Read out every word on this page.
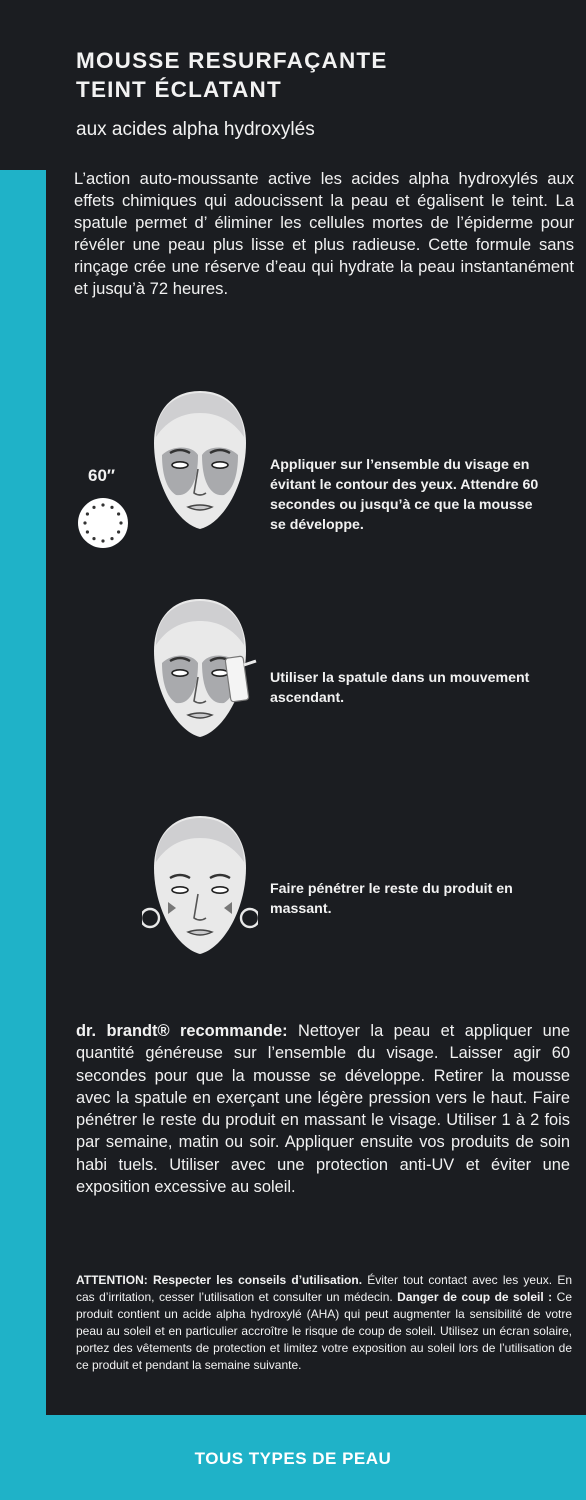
MOUSSE RESURFAÇANTE
TEINT ÉCLATANT

aux acides alpha hydroxylés

L’action auto-moussante active les acides alpha hydroxylés aux effets chimiques qui adoucissent la peau et égalisent le teint. La spatule permet d’ éliminer les cellules mortes de l’épiderme pour révéler une peau plus lisse et plus radieuse. Cette formule sans rinçage crée une réserve d’eau qui hydrate la peau instantanément et jusqu’à 72 heures.

60″

Appliquer sur l’ensemble du visage en évitant le contour des yeux. Attendre 60 secondes ou jusqu’à ce que la mousse se développe.

Utiliser la spatule dans un mouvement ascendant.

Faire pénétrer le reste du produit en massant.

dr. brandt® recommande: Nettoyer la peau et appliquer une quantité généreuse sur l’ensemble du visage. Laisser agir 60 secondes pour que la mousse se développe. Retirer la mousse avec la spatule en exerçant une légère pression vers le haut. Faire pénétrer le reste du produit en massant le visage. Utiliser 1 à 2 fois par semaine, matin ou soir. Appliquer ensuite vos produits de soin habi tuels. Utiliser avec une protection anti-UV et éviter une exposition excessive au soleil.

ATTENTION: Respecter les conseils d’utilisation. Éviter tout contact avec les yeux. En cas d’irritation, cesser l’utilisation et consulter un médecin. Danger de coup de soleil : Ce produit contient un acide alpha hydroxylé (AHA) qui peut augmenter la sensibilité de votre peau au soleil et en particulier accroître le risque de coup de soleil. Utilisez un écran solaire, portez des vêtements de protection et limitez votre exposition au soleil lors de l’utilisation de ce produit et pendant la semaine suivante.

TOUS TYPES DE PEAU
